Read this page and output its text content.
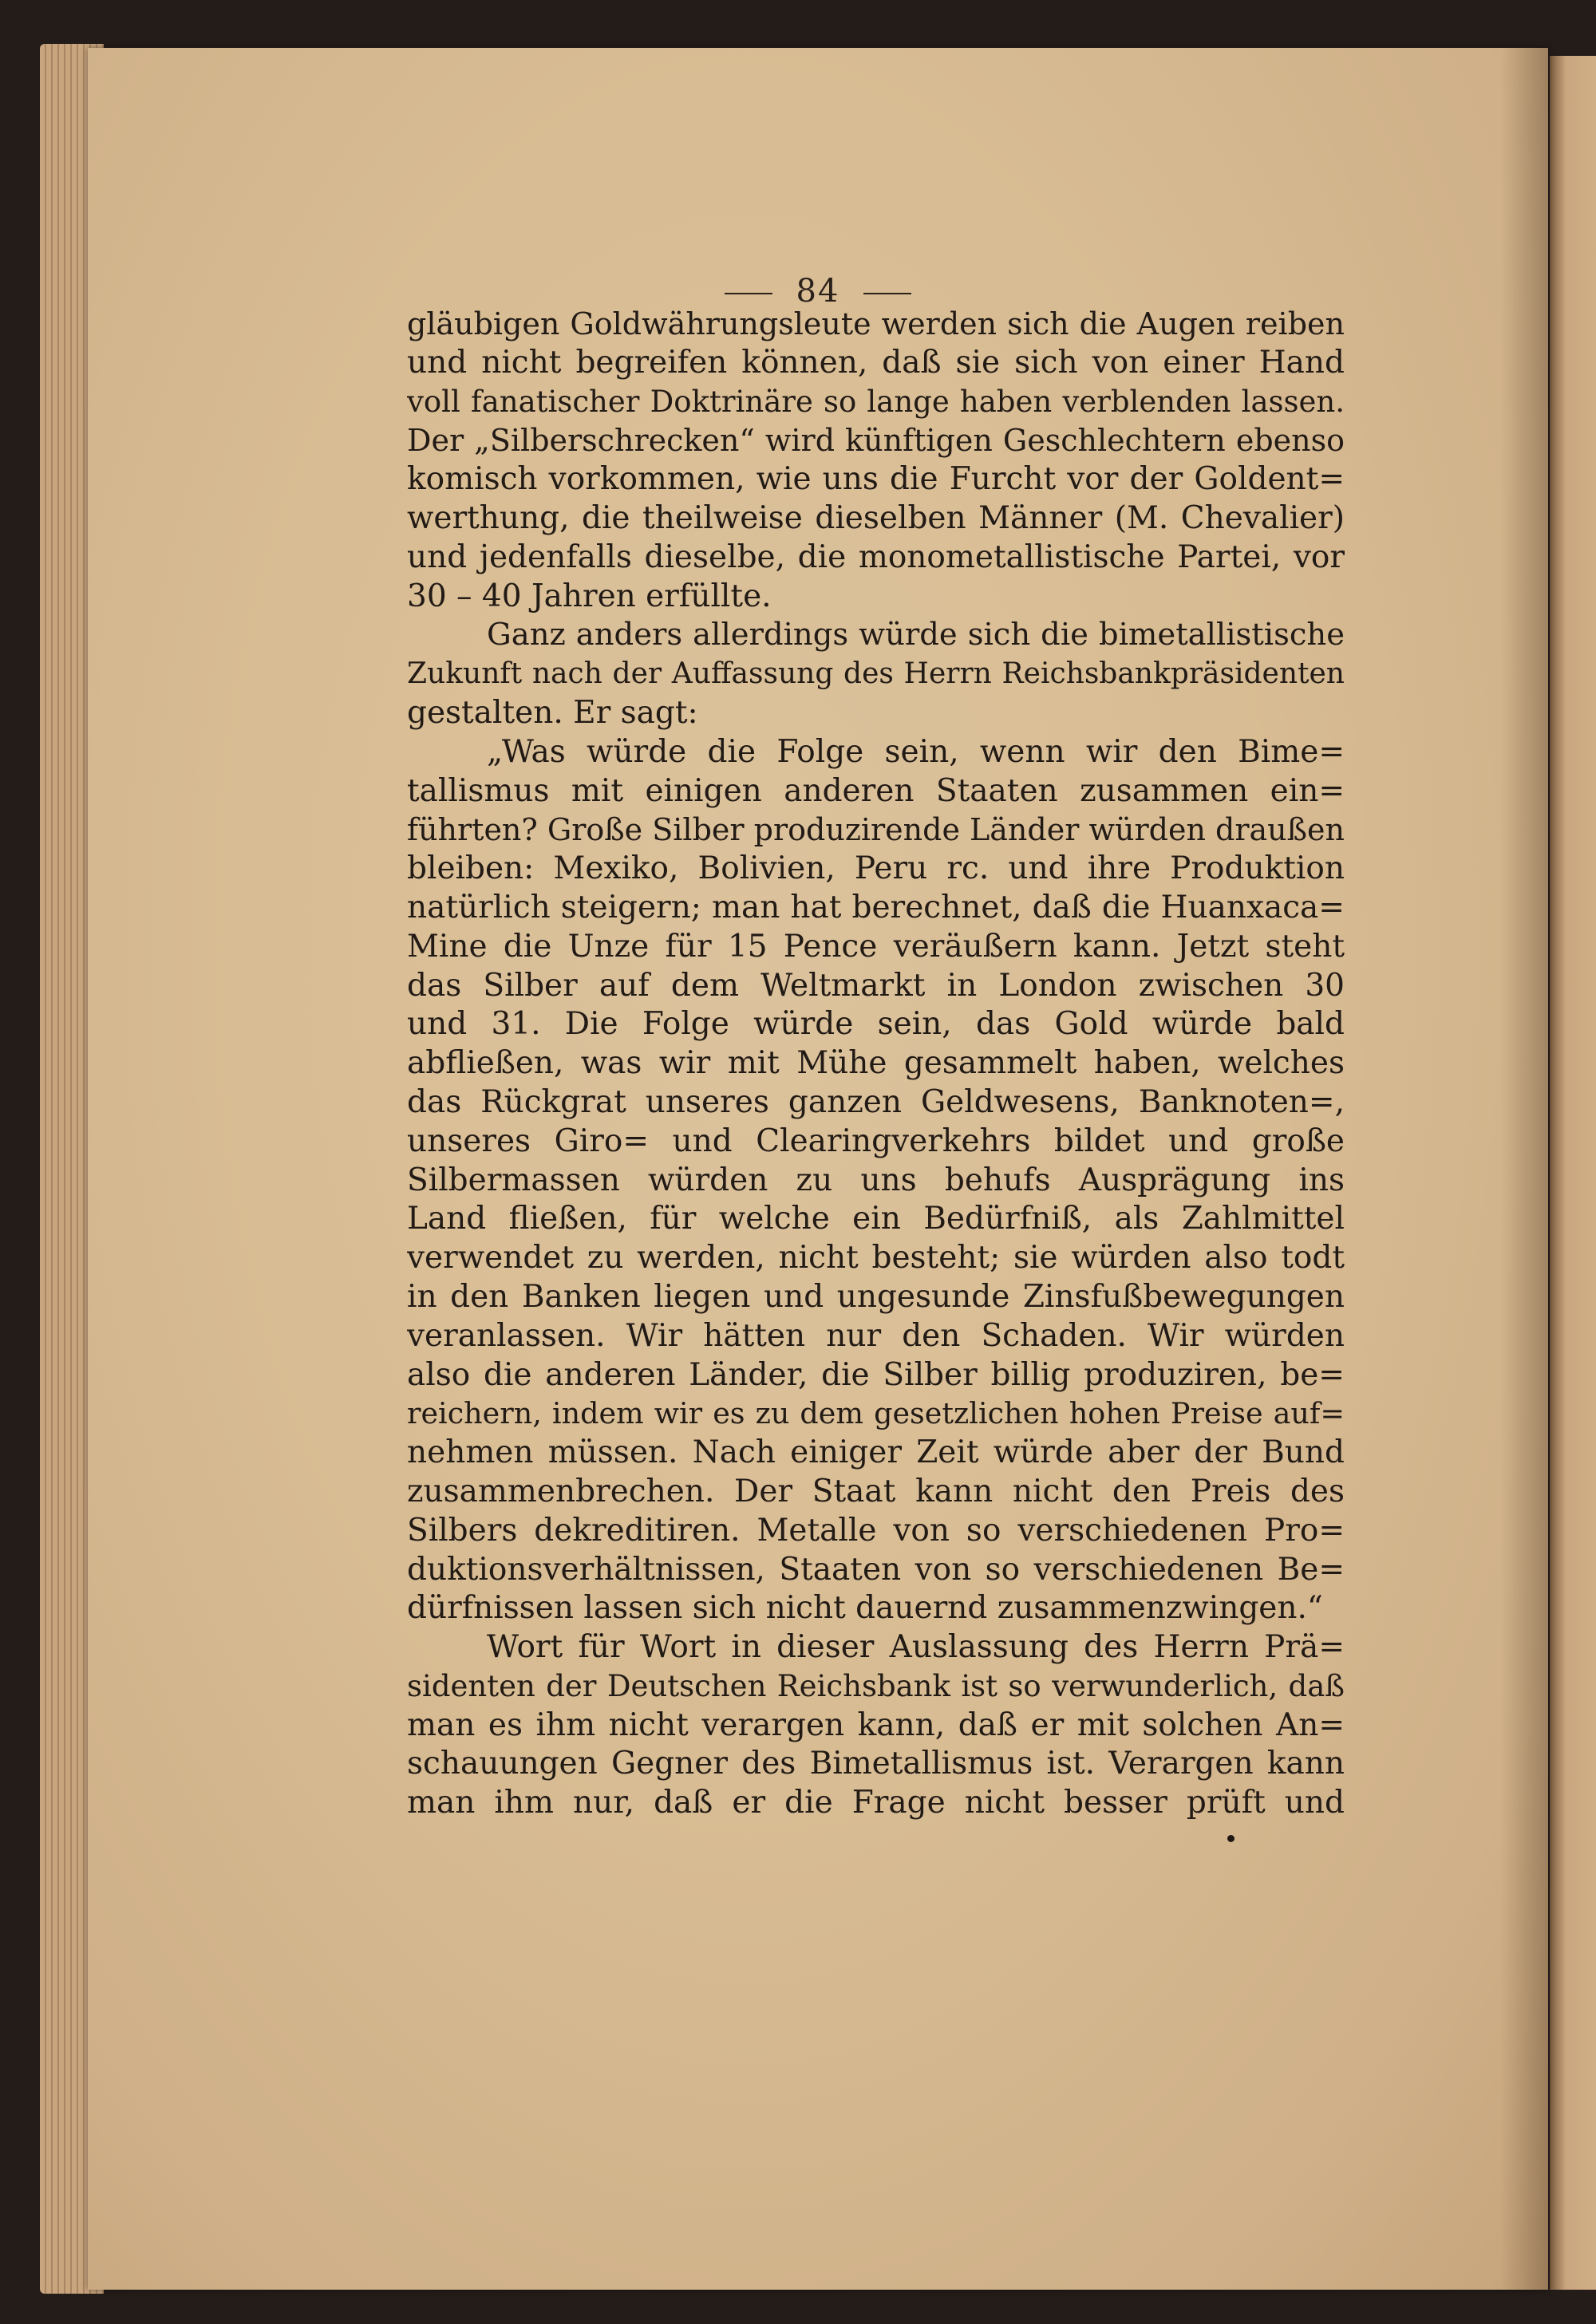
84
gläubigen Goldwährungsleute werden sich die Augen reiben
und nicht begreifen können, daß sie sich von einer Hand
voll fanatischer Doktrinäre so lange haben verblenden lassen.
Der „Silberschrecken“ wird künftigen Geschlechtern ebenso
komisch vorkommen, wie uns die Furcht vor der Goldent=
werthung, die theilweise dieselben Männer (M. Chevalier)
und jedenfalls dieselbe, die monometallistische Partei, vor
30 – 40 Jahren erfüllte.
Ganz anders allerdings würde sich die bimetallistische
Zukunft nach der Auffassung des Herrn Reichsbankpräsidenten
gestalten. Er sagt:
„Was würde die Folge sein, wenn wir den Bime=
tallismus mit einigen anderen Staaten zusammen ein=
führten? Große Silber produzirende Länder würden draußen
bleiben: Mexiko, Bolivien, Peru rc. und ihre Produktion
natürlich steigern; man hat berechnet, daß die Huanxaca=
Mine die Unze für 15 Pence veräußern kann. Jetzt steht
das Silber auf dem Weltmarkt in London zwischen 30
und 31. Die Folge würde sein, das Gold würde bald
abfließen, was wir mit Mühe gesammelt haben, welches
das Rückgrat unseres ganzen Geldwesens, Banknoten=,
unseres Giro= und Clearingverkehrs bildet und große
Silbermassen würden zu uns behufs Ausprägung ins
Land fließen, für welche ein Bedürfniß, als Zahlmittel
verwendet zu werden, nicht besteht; sie würden also todt
in den Banken liegen und ungesunde Zinsfußbewegungen
veranlassen. Wir hätten nur den Schaden. Wir würden
also die anderen Länder, die Silber billig produziren, be=
reichern, indem wir es zu dem gesetzlichen hohen Preise auf=
nehmen müssen. Nach einiger Zeit würde aber der Bund
zusammenbrechen. Der Staat kann nicht den Preis des
Silbers dekreditiren. Metalle von so verschiedenen Pro=
duktionsverhältnissen, Staaten von so verschiedenen Be=
dürfnissen lassen sich nicht dauernd zusammenzwingen.“
Wort für Wort in dieser Auslassung des Herrn Prä=
sidenten der Deutschen Reichsbank ist so verwunderlich, daß
man es ihm nicht verargen kann, daß er mit solchen An=
schauungen Gegner des Bimetallismus ist. Verargen kann
man ihm nur, daß er die Frage nicht besser prüft und
